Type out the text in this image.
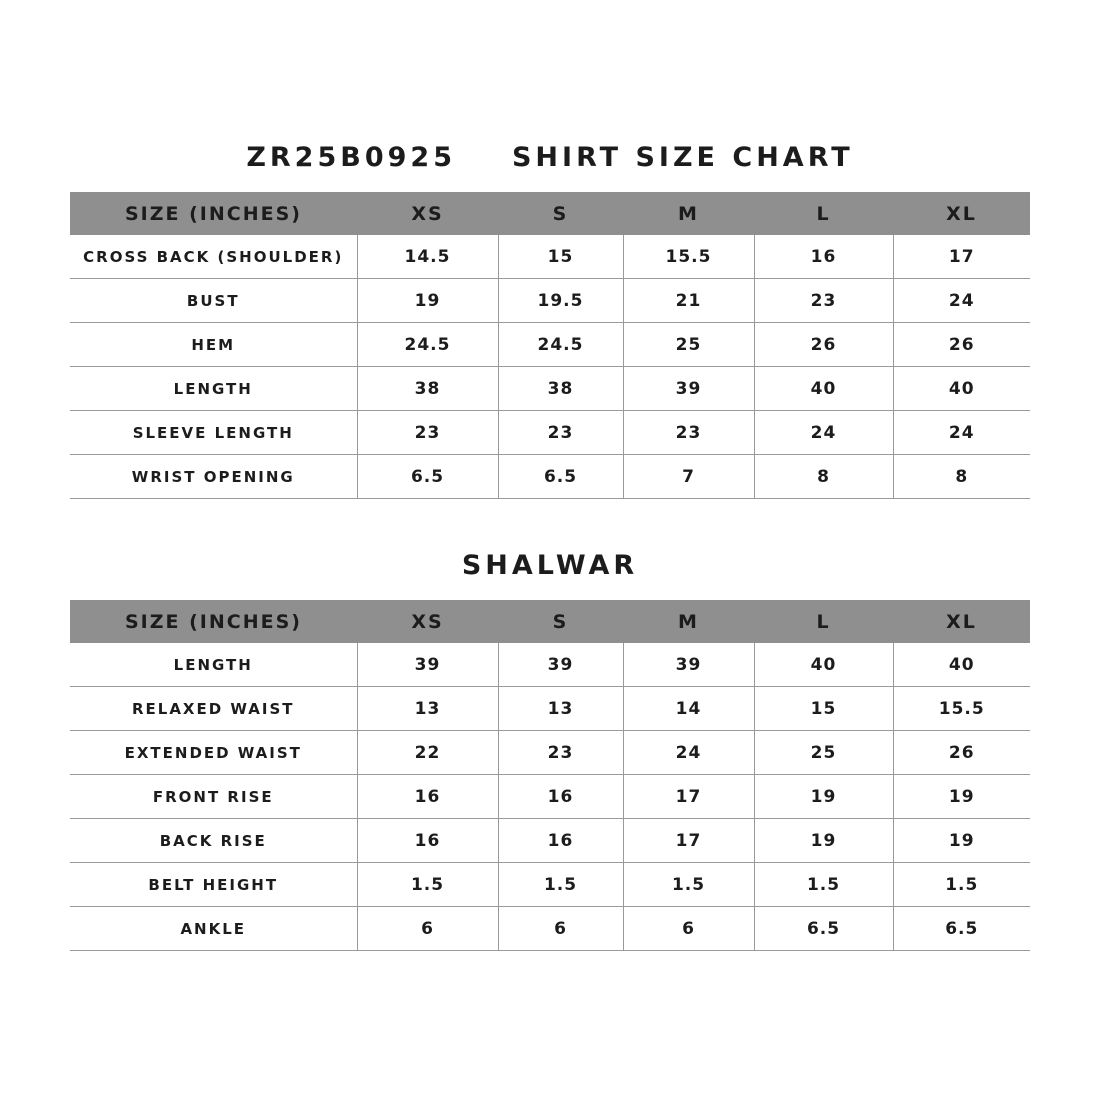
ZR25B0925 SHIRT SIZE CHART
SIZE (INCHES)	XS	S	M	L	XL
CROSS BACK (SHOULDER)	14.5	15	15.5	16	17
BUST	19	19.5	21	23	24
HEM	24.5	24.5	25	26	26
LENGTH	38	38	39	40	40
SLEEVE LENGTH	23	23	23	24	24
WRIST OPENING	6.5	6.5	7	8	8
SHALWAR
SIZE (INCHES)	XS	S	M	L	XL
LENGTH	39	39	39	40	40
RELAXED WAIST	13	13	14	15	15.5
EXTENDED WAIST	22	23	24	25	26
FRONT RISE	16	16	17	19	19
BACK RISE	16	16	17	19	19
BELT HEIGHT	1.5	1.5	1.5	1.5	1.5
ANKLE	6	6	6	6.5	6.5
